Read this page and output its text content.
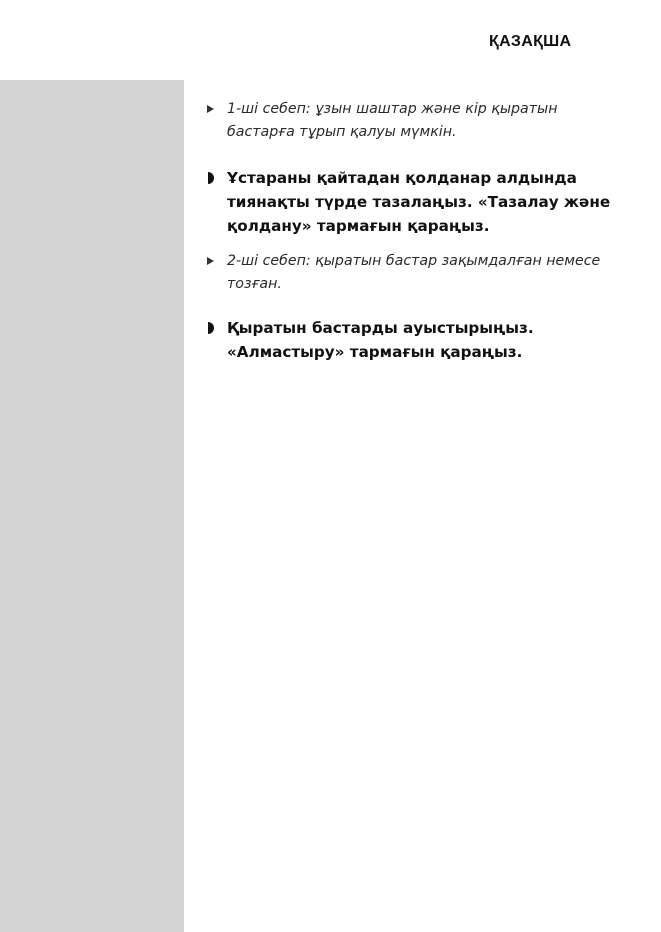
ҚАЗАҚША
1-ші себеп: ұзын шаштар және кір қыратын бастарға тұрып қалуы мүмкін.
Ұстараны қайтадан қолданар алдында тиянақты түрде тазалаңыз. «Тазалау және қолдану» тармағын қараңыз.
2-ші себеп: қыратын бастар зақымдалған немесе тозған.
Қыратын бастарды ауыстырыңыз. «Алмастыру» тармағын қараңыз.
